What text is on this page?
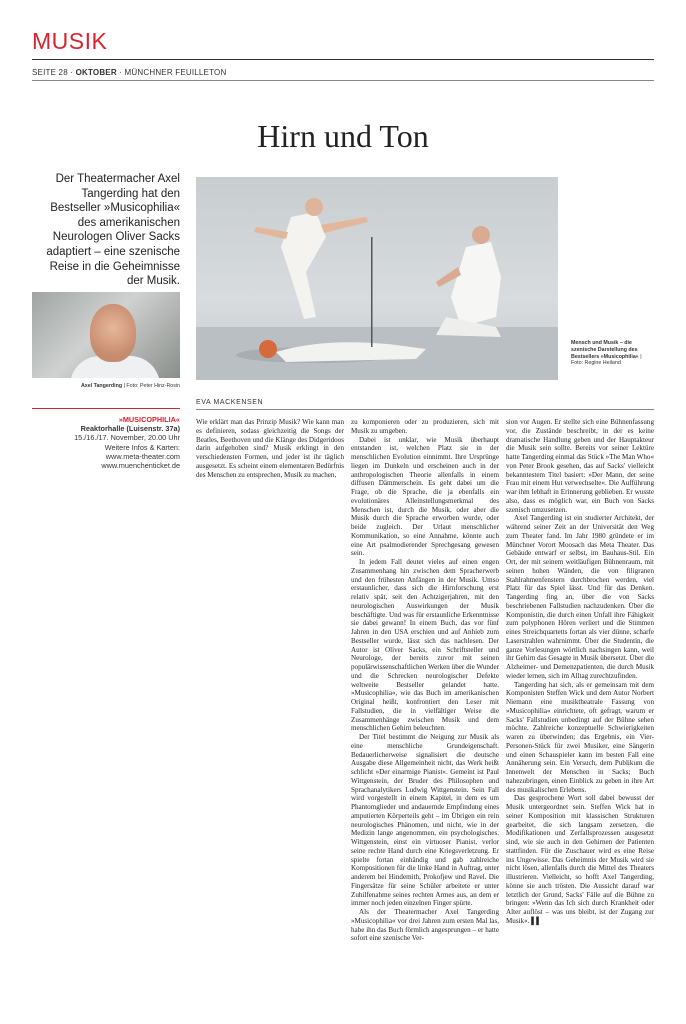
MUSIK
SEITE 28 · OKTOBER · MÜNCHNER FEUILLETON
Hirn und Ton
Der Theatermacher Axel Tangerding hat den Bestseller »Musicophilia« des amerikanischen Neurologen Oliver Sacks adaptiert – eine szenische Reise in die Geheimnisse der Musik.
Axel Tangerding | Foto: Peter Hinz-Rosin
Mensch und Musik – die szenische Darstellung des Bestsellers »Musicophilia« | Foto: Regine Heiland
EVA MACKENSEN
»MUSICOPHILIA«
Reaktorhalle (Luisenstr. 37a)
15./16./17. November, 20.00 Uhr
Weitere Infos & Karten:
www.meta-theater.com
www.muenchenticket.de

Wie erklärt man das Prinzip Musik? Wie kann man es definieren, sodass gleichzeitig die Songs der Beatles, Beethoven und die Klänge des Didgeridoos darin aufgehoben sind? Musik erklingt in den verschiedensten Formen, und jeder ist ihr täglich ausgesetzt. Es scheint einem elementaren Bedürfnis des Menschen zu entsprechen, Musik zu machen,

zu komponieren oder zu produzieren, sich mit Musik zu umgeben.

Dabei ist unklar, wie Musik überhaupt entstanden ist, welchen Platz sie in der menschlichen Evolution einnimmt. Ihre Ursprünge liegen im Dunkeln und erscheinen auch in der anthropologischen Theorie allenfalls in einem diffusen Dämmerschein. Es geht dabei um die Frage, ob die Sprache, die ja ebenfalls ein evolutionäres Alleinstellungsmerkmal des Menschen ist, durch die Musik, oder aber die Musik durch die Sprache erworben wurde, oder beide zugleich. Der Urlaut menschlicher Kommunikation, so eine Annahme, könnte auch eine Art psalmodierender Sprechgesang gewesen sein.

In jedem Fall deutet vieles auf einen engen Zusammenhang hin zwischen dem Spracherwerb und den frühesten Anfängen in der Musik. Umso erstaunlicher, dass sich die Hirnforschung erst relativ spät, seit den Achtzigerjahren, mit den neurologischen Auswirkungen der Musik beschäftigte. Und was für erstaunliche Erkenntnisse sie dabei gewann! In einem Buch, das vor fünf Jahren in den USA erschien und auf Anhieb zum Bestseller wurde, lässt sich das nachlesen. Der Autor ist Oliver Sacks, ein Schriftsteller und Neurologe, der bereits zuvor mit seinen populärwissenschaftlichen Werken über die Wunder und die Schrecken neurologischer Defekte weltweite Bestseller gelandet hatte. »Musicophilia«, wie das Buch im amerikanischen Original heißt, konfrontiert den Leser mit Fallstudien, die in vielfältiger Weise die Zusammenhänge zwischen Musik und dem menschlichen Gehirn beleuchten.

Der Titel bestimmt die Neigung zur Musik als eine menschliche Grundeigenschaft. Bedauerlicherweise signalisiert die deutsche Ausgabe diese Allgemeinheit nicht, das Werk heißt schlicht »Der einarmige Pianist«. Gemeint ist Paul Wittgenstein, der Bruder des Philosophen und Sprachanalytikers Ludwig Wittgenstein. Sein Fall wird vorgestellt in einem Kapitel, in dem es um Phantomglieder und andauernde Empfindung eines amputierten Körperteils geht – im Übrigen ein rein neurologisches Phänomen, und nicht, wie in der Medizin lange angenommen, ein psychologisches. Wittgenstein, einst ein virtuoser Pianist, verlor seine rechte Hand durch eine Kriegsverletzung. Er spielte fortan einhändig und gab zahlreiche Kompositionen für die linke Hand in Auftrag, unter anderem bei Hindemith, Prokofjew und Ravel. Die Fingersätze für seine Schüler arbeitete er unter Zuhilfenahme seines rechten Armes aus, an dem er immer noch jeden einzelnen Finger spürte.

Als der Theatermacher Axel Tangerding »Musicophilia« vor drei Jahren zum ersten Mal las, habe ihn das Buch förmlich angesprungen – er hatte sofort eine szenische Ver-

sion vor Augen. Er stellte sich eine Bühnenfassung vor, die Zustände beschreibt, in der es keine dramatische Handlung geben und der Hauptakteur die Musik sein sollte. Bereits vor seiner Lektüre hatte Tangerding einmal das Stück »The Man Who« von Peter Brook gesehen, das auf Sacks' vielleicht bekanntestem Titel basiert: »Der Mann, der seine Frau mit einem Hut verwechselte«. Die Aufführung war ihm lebhaft in Erinnerung geblieben. Er wusste also, dass es möglich war, ein Buch von Sacks szenisch umzusetzen.

Axel Tangerding ist ein studierter Architekt, der während seiner Zeit an der Universität den Weg zum Theater fand. Im Jahr 1980 gründete er im Münchner Vorort Moosach das Meta Theater. Das Gebäude entwarf er selbst, im Bauhaus-Stil. Ein Ort, der mit seinem weitläufigen Bühnenraum, mit seinen hohen Wänden, die von filigranen Stahlrahmenfenstern durchbrochen werden, viel Platz für das Spiel lässt. Und für das Denken. Tangerding fing an, über die von Sacks beschriebenen Fallstudien nachzudenken. Über die Komponistin, die durch einen Unfall ihre Fähigkeit zum polyphonen Hören verliert und die Stimmen eines Streichquartetts fortan als vier dünne, scharfe Laserstrahlen wahrnimmt. Über die Studentin, die ganze Vorlesungen wörtlich nachsingen kann, weil ihr Gehirn das Gesagte in Musik übersetzt. Über die Alzheimer- und Demenzpatienten, die durch Musik wieder lernen, sich im Alltag zurechtzufinden.

Tangerding hat sich, als er gemeinsam mit dem Komponisten Steffen Wick und dem Autor Norbert Niemann eine musiktheatrale Fassung von »Musicophilia« einrichtete, oft gefragt, warum er Sacks' Fallstudien unbedingt auf der Bühne sehen möchte. Zahlreiche konzeptuelle Schwierigkeiten waren zu überwinden; das Ergebnis, ein Vier-Personen-Stück für zwei Musiker, eine Sängerin und einen Schauspieler kann im besten Fall eine Annäherung sein. Ein Versuch, dem Publikum die Innenwelt der Menschen in Sacks; Buch nahezubringen, einen Einblick zu geben in ihre Art des musikalischen Erlebens.

Das gesprochene Wort soll dabei bewusst der Musik untergeordnet sein. Steffen Wick hat in seiner Komposition mit klassischen Strukturen gearbeitet, die sich langsam zersetzen, die Modifikationen und Zerfallsprozessen ausgesetzt sind, wie sie auch in den Gehirnen der Patienten stattfinden. Für die Zuschauer wird es eine Reise ins Ungewisse. Das Geheimnis der Musik wird sie nicht lösen, allenfalls durch die Mittel des Theaters illustrieren. Vielleicht, so hofft Axel Tangerding, könne sie auch trösten. Die Aussicht darauf war letztlich der Grund, Sacks' Fälle auf die Bühne zu bringen: »Wenn das Ich sich durch Krankheit oder Alter auflöst – was uns bleibt, ist der Zugang zur Musik«. ▌▌
